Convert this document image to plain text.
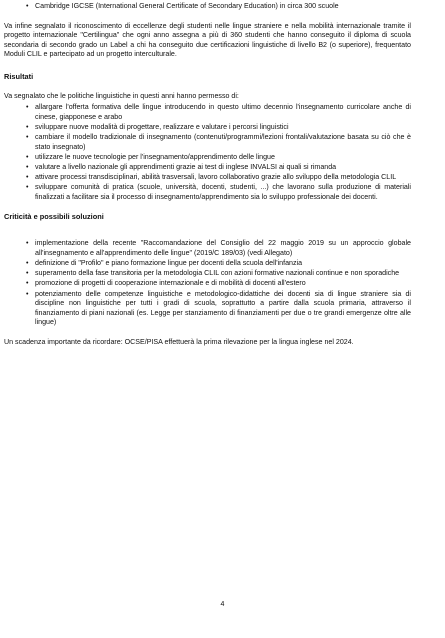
• Cambridge IGCSE (International General Certificate of Secondary Education) in circa 300 scuole

Va infine segnalato il riconoscimento di eccellenze degli studenti nelle lingue straniere e nella mobilità internazionale tramite il progetto internazionale "Certilingua" che ogni anno assegna a più di 360 studenti che hanno conseguito il diploma di scuola secondaria di secondo grado un Label a chi ha conseguito due certificazioni linguistiche di livello B2 (o superiore), frequentato Moduli CLIL e partecipato ad un progetto interculturale.

Risultati

Va segnalato che le politiche linguistiche in questi anni hanno permesso di:

• allargare l'offerta formativa delle lingue introducendo in questo ultimo decennio l'insegnamento curricolare anche di cinese, giapponese e arabo
• sviluppare nuove modalità di progettare, realizzare e valutare i percorsi linguistici
• cambiare il modello tradizionale di insegnamento (contenuti/programmi/lezioni frontali/valutazione basata su ciò che è stato insegnato)
• utilizzare le nuove tecnologie per l'insegnamento/apprendimento delle lingue
• valutare a livello nazionale gli apprendimenti grazie ai test di inglese INVALSI ai quali si rimanda
• attivare processi transdisciplinari, abilità trasversali, lavoro collaborativo grazie allo sviluppo della metodologia CLIL
• sviluppare comunità di pratica (scuole, università, docenti, studenti, ...) che lavorano sulla produzione di materiali finalizzati a facilitare sia il processo di insegnamento/apprendimento sia lo sviluppo professionale dei docenti.
Criticità e possibili soluzioni
• implementazione della recente "Raccomandazione del Consiglio del 22 maggio 2019 su un approccio globale all'insegnamento e all'apprendimento delle lingue" (2019/C 189/03) (vedi Allegato)
• definizione di "Profilo" e piano formazione lingue per docenti della scuola dell'infanzia
• superamento della fase transitoria per la metodologia CLIL con azioni formative nazionali continue e non sporadiche
• promozione di progetti di cooperazione internazionale e di mobilità di docenti all'estero
• potenziamento delle competenze linguistiche e metodologico-didattiche dei docenti sia di lingue straniere sia di discipline non linguistiche per tutti i gradi di scuola, soprattutto a partire dalla scuola primaria, attraverso il finanziamento di piani nazionali (es. Legge per stanziamento di finanziamenti per due o tre grandi emergenze oltre alle lingue)

Un scadenza importante da ricordare: OCSE/PISA effettuerà la prima rilevazione per la lingua inglese nel 2024.

4
